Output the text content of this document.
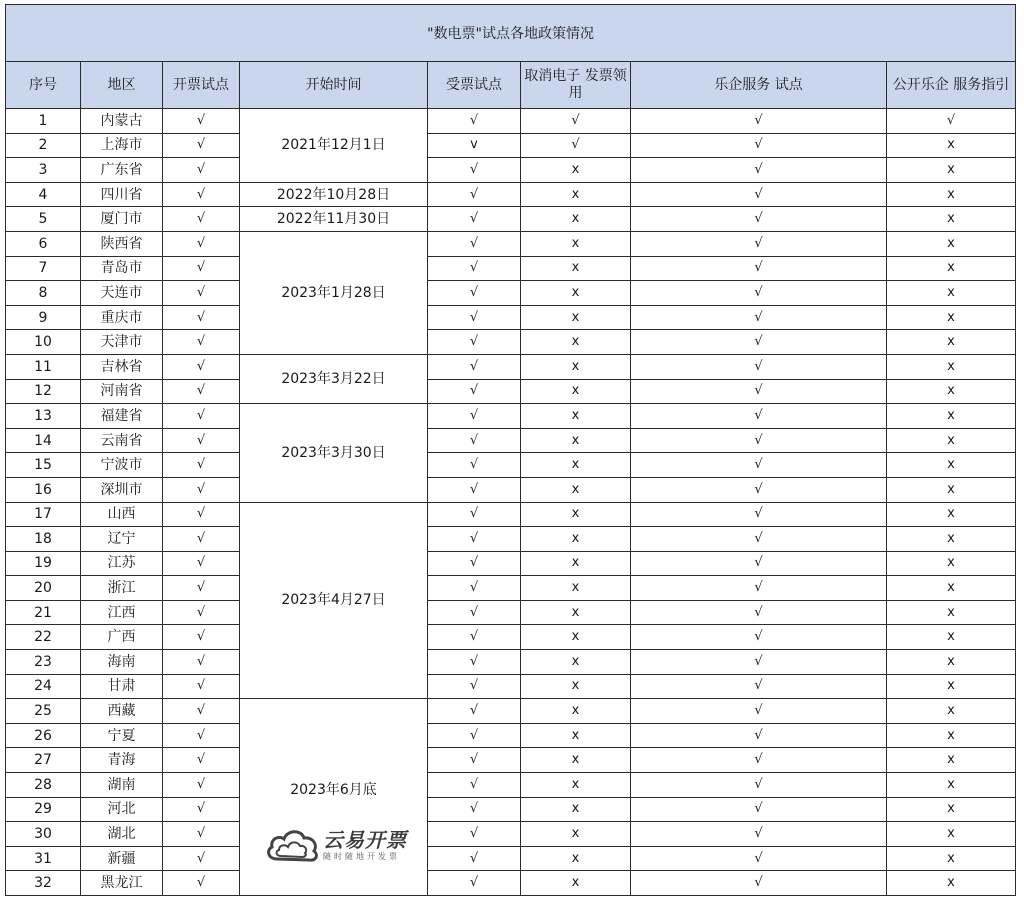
"数电票"试点各地政策情况							
序号	地区	开票试点	开始时间	受票试点	取消电子 发票领用	乐企服务 试点	公开乐企 服务指引
1	内蒙古	√	2021年12月1日	√	√	√	√
2	上海市	√		v	√	√	x
3	广东省	√		√	x	√	x
4	四川省	√	2022年10月28日	√	x	√	x
5	厦门市	√	2022年11月30日	√	x	√	x
6	陕西省	√	2023年1月28日	√	x	√	x
7	青岛市	√		√	x	√	x
8	天连市	√		√	x	√	x
9	重庆市	√		√	x	√	x
10	天津市	√		√	x	√	x
11	吉林省	√	2023年3月22日	√	x	√	x
12	河南省	√		√	x	√	x
13	福建省	√	2023年3月30日	√	x	√	x
14	云南省	√		√	x	√	x
15	宁波市	√		√	x	√	x
16	深圳市	√		√	x	√	x
17	山西	√	2023年4月27日	√	x	√	x
18	辽宁	√		√	x	√	x
19	江苏	√		√	x	√	x
20	浙江	√		√	x	√	x
21	江西	√		√	x	√	x
22	广西	√		√	x	√	x
23	海南	√		√	x	√	x
24	甘肃	√		√	x	√	x
25	西藏	√	2023年6月底	√	x	√	x
26	宁夏	√		√	x	√	x
27	青海	√		√	x	√	x
28	湖南	√		√	x	√	x
29	河北	√		√	x	√	x
30	湖北	√		√	x	√	x
31	新疆	√		√	x	√	x
32	黑龙江	√		√	x	√	x
云易开票
随时随地开发票
